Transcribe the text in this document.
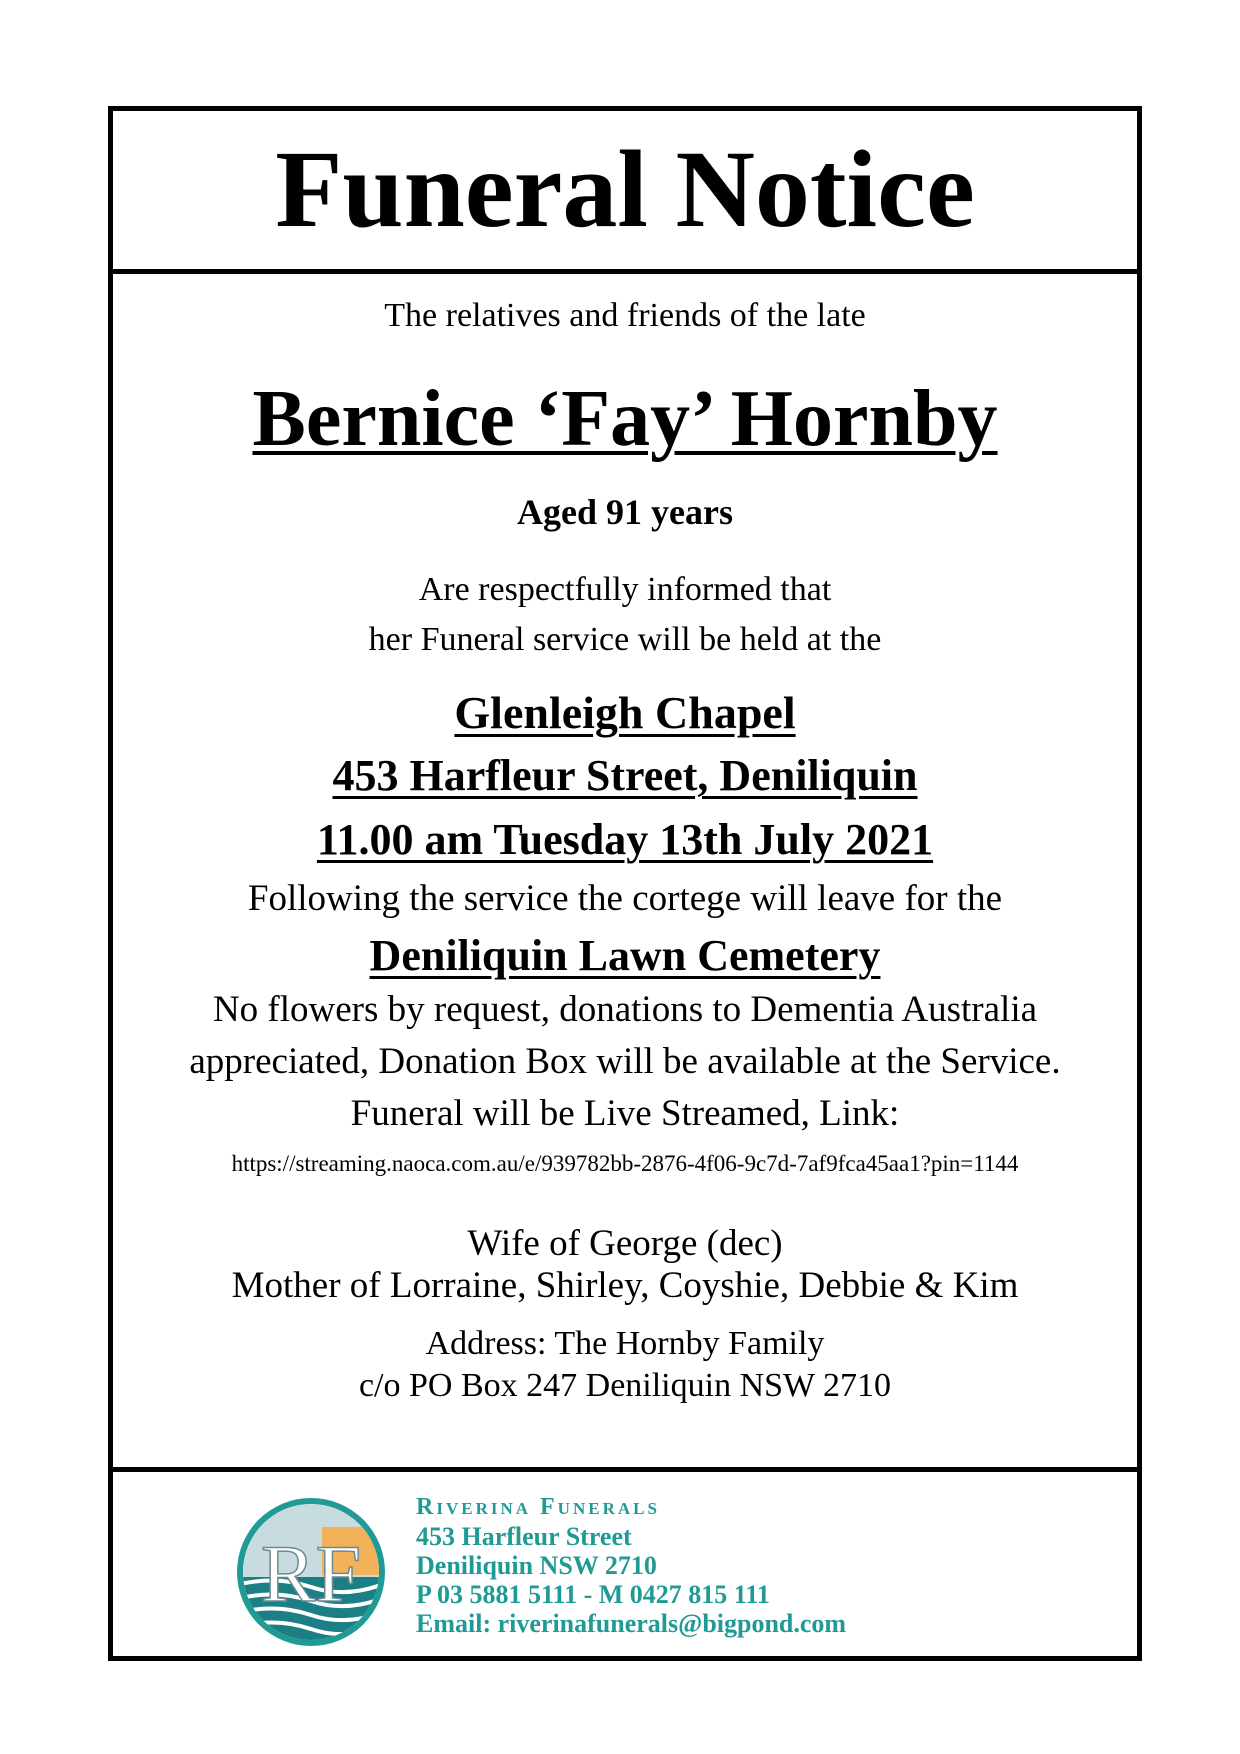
Funeral Notice

The relatives and friends of the late

Bernice ‘Fay’ Hornby

Aged 91 years

Are respectfully informed that

her Funeral service will be held at the

Glenleigh Chapel

453 Harfleur Street, Deniliquin

11.00 am Tuesday 13th July 2021

Following the service the cortege will leave for the

Deniliquin Lawn Cemetery

No flowers by request, donations to Dementia Australia

appreciated, Donation Box will be available at the Service.

Funeral will be Live Streamed, Link:

https://streaming.naoca.com.au/e/939782bb-2876-4f06-9c7d-7af9fca45aa1?pin=1144

Wife of George (dec)

Mother of Lorraine, Shirley, Coyshie, Debbie & Kim

Address: The Hornby Family

c/o PO Box 247 Deniliquin NSW 2710

RF
Riverina Funerals
453 Harfleur Street
Deniliquin NSW 2710
P 03 5881 5111 - M 0427 815 111
Email: riverinafunerals@bigpond.com
